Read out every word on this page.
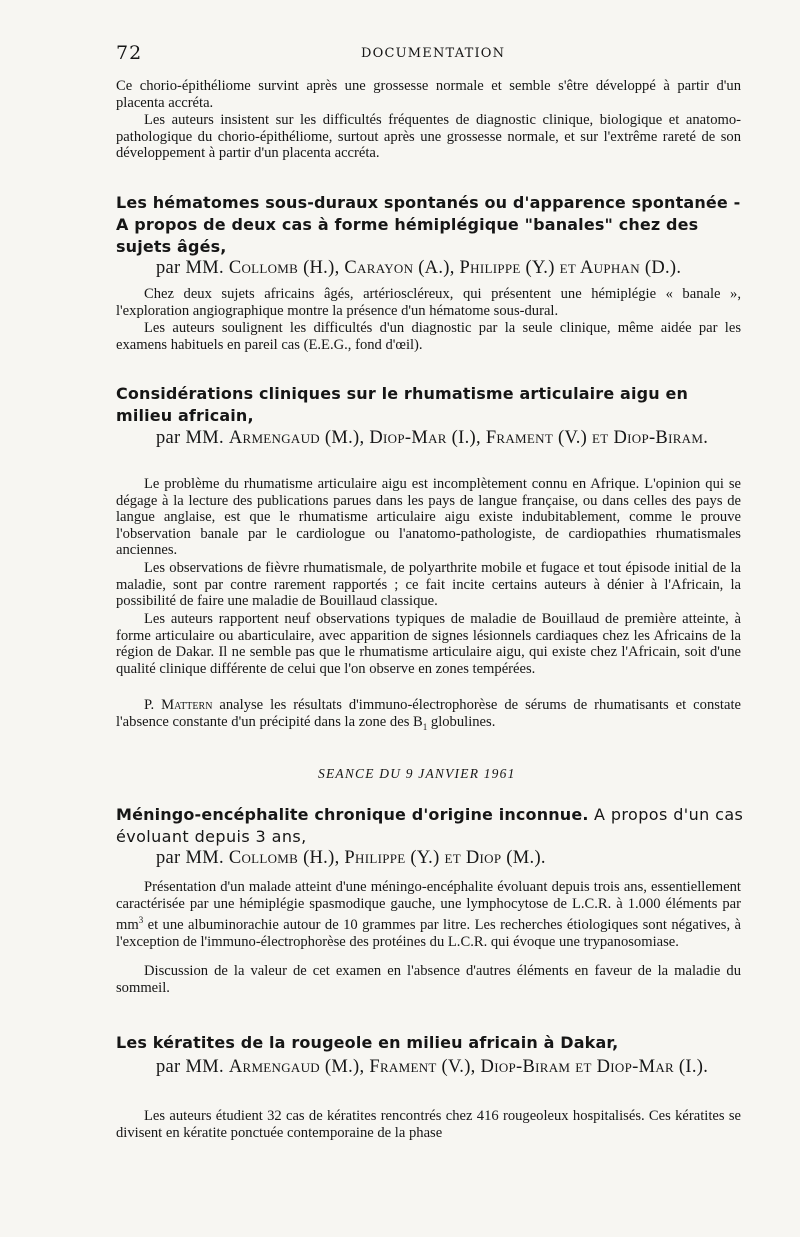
72	DOCUMENTATION

Ce chorio-épithéliome survint après une grossesse normale et semble s'être développé à partir d'un placenta accréta.

Les auteurs insistent sur les difficultés fréquentes de diagnostic clinique, biologique et anatomo-pathologique du chorio-épithéliome, surtout après une grossesse normale, et sur l'extrême rareté de son développement à partir d'un placenta accréta.

Les hématomes sous-duraux spontanés ou d'apparence spontanée - A propos de deux cas à forme hémiplégique "banales" chez des sujets âgés,

par MM. Collomb (H.), Carayon (A.), Philippe (Y.) et Auphan (D.).

Chez deux sujets africains âgés, artérioscléreux, qui présentent une hémiplégie « banale », l'exploration angiographique montre la présence d'un hématome sous-dural.

Les auteurs soulignent les difficultés d'un diagnostic par la seule clinique, même aidée par les examens habituels en pareil cas (E.E.G., fond d'œil).

Considérations cliniques sur le rhumatisme articulaire aigu en milieu africain,

par MM. Armengaud (M.), Diop-Mar (I.), Frament (V.) et Diop-Biram.

Le problème du rhumatisme articulaire aigu est incomplètement connu en Afrique. L'opinion qui se dégage à la lecture des publications parues dans les pays de langue française, ou dans celles des pays de langue anglaise, est que le rhumatisme articulaire aigu existe indubitablement, comme le prouve l'observation banale par le cardiologue ou l'anatomo-pathologiste, de cardiopathies rhumatismales anciennes.

Les observations de fièvre rhumatismale, de polyarthrite mobile et fugace et tout épisode initial de la maladie, sont par contre rarement rapportés ; ce fait incite certains auteurs à dénier à l'Africain, la possibilité de faire une maladie de Bouillaud classique.

Les auteurs rapportent neuf observations typiques de maladie de Bouillaud de première atteinte, à forme articulaire ou abarticulaire, avec apparition de signes lésionnels cardiaques chez les Africains de la région de Dakar. Il ne semble pas que le rhumatisme articulaire aigu, qui existe chez l'Africain, soit d'une qualité clinique différente de celui que l'on observe en zones tempérées.

P. Mattern analyse les résultats d'immuno-électrophorèse de sérums de rhumatisants et constate l'absence constante d'un précipité dans la zone des $B_1$ globulines.

SEANCE DU 9 JANVIER 1961

Méningo-encéphalite chronique d'origine inconnue. A propos d'un cas évoluant depuis 3 ans,

par MM. Collomb (H.), Philippe (Y.) et Diop (M.).

Présentation d'un malade atteint d'une méningo-encéphalite évoluant depuis trois ans, essentiellement caractérisée par une hémiplégie spasmodique gauche, une lymphocytose de L.C.R. à 1.000 éléments par $mm^3$ et une albuminorachie autour de 10 grammes par litre. Les recherches étiologiques sont négatives, à l'exception de l'immuno-électrophorèse des protéines du L.C.R. qui évoque une trypanosomiase.

Discussion de la valeur de cet examen en l'absence d'autres éléments en faveur de la maladie du sommeil.

Les kératites de la rougeole en milieu africain à Dakar,

par MM. Armengaud (M.), Frament (V.), Diop-Biram et Diop-Mar (I.).

Les auteurs étudient 32 cas de kératites rencontrés chez 416 rougeoleux hospitalisés. Ces kératites se divisent en kératite ponctuée contemporaine de la phase
